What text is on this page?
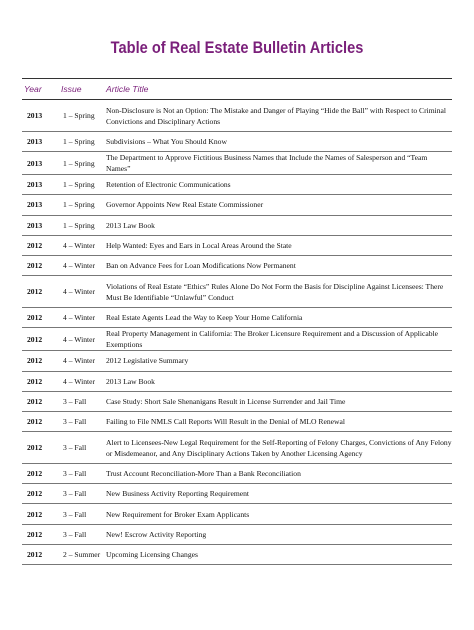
Table of Real Estate Bulletin Articles
Year	Issue	Article Title
2013	1 – Spring	Non-Disclosure is Not an Option: The Mistake and Danger of Playing “Hide the Ball” with Respect to Criminal Convictions and Disciplinary Actions
2013	1 – Spring	Subdivisions – What You Should Know
2013	1 – Spring	The Department to Approve Fictitious Business Names that Include the Names of Salesperson and “Team Names”
2013	1 – Spring	Retention of Electronic Communications
2013	1 – Spring	Governor Appoints New Real Estate Commissioner
2013	1 – Spring	2013 Law Book
2012	4 – Winter	Help Wanted: Eyes and Ears in Local Areas Around the State
2012	4 – Winter	Ban on Advance Fees for Loan Modifications Now Permanent
2012	4 – Winter	Violations of Real Estate “Ethics” Rules Alone Do Not Form the Basis for Discipline Against Licensees: There Must Be Identifiable “Unlawful” Conduct
2012	4 – Winter	Real Estate Agents Lead the Way to Keep Your Home California
2012	4 – Winter	Real Property Management in California: The Broker Licensure Requirement and a Discussion of Applicable Exemptions
2012	4 – Winter	2012 Legislative Summary
2012	4 – Winter	2013 Law Book
2012	3 – Fall	Case Study: Short Sale Shenanigans Result in License Surrender and Jail Time
2012	3 – Fall	Failing to File NMLS Call Reports Will Result in the Denial of MLO Renewal
2012	3 – Fall	Alert to Licensees-New Legal Requirement for the Self-Reporting of Felony Charges, Convictions of Any Felony or Misdemeanor, and Any Disciplinary Actions Taken by Another Licensing Agency
2012	3 – Fall	Trust Account Reconciliation-More Than a Bank Reconciliation
2012	3 – Fall	New Business Activity Reporting Requirement
2012	3 – Fall	New Requirement for Broker Exam Applicants
2012	3 – Fall	New! Escrow Activity Reporting
2012	2 – Summer	Upcoming Licensing Changes
